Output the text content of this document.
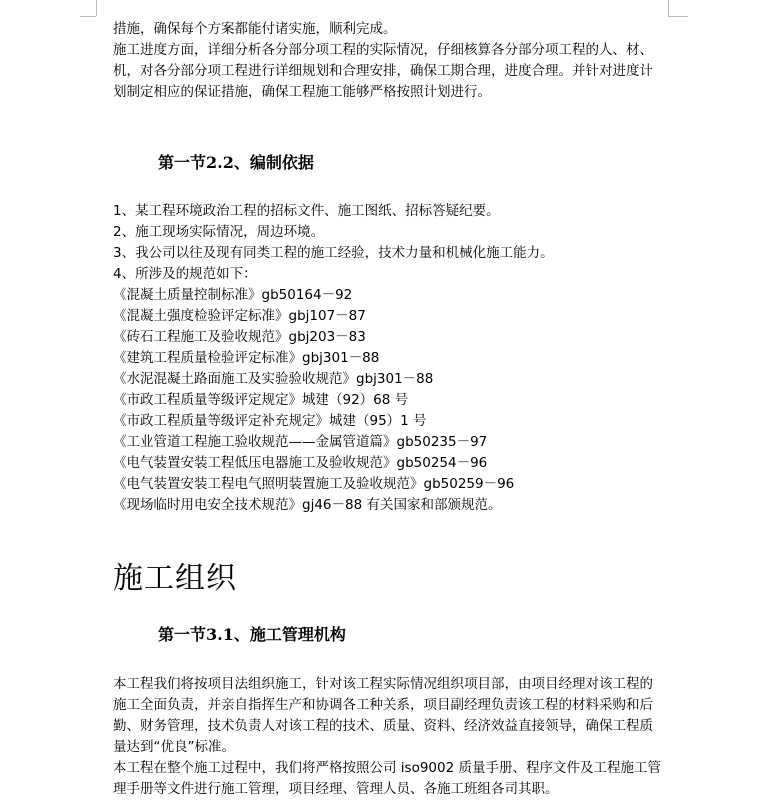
措施，确保每个方案都能付诸实施，顺利完成。
施工进度方面，详细分析各分部分项工程的实际情况，仔细核算各分部分项工程的人、材、
机，对各分部分项工程进行详细规划和合理安排，确保工期合理，进度合理。并针对进度计
划制定相应的保证措施，确保工程施工能够严格按照计划进行。
第一节2.2、编制依据
1、某工程环境政治工程的招标文件、施工图纸、招标答疑纪要。
2、施工现场实际情况，周边环境。
3、我公司以往及现有同类工程的施工经验，技术力量和机械化施工能力。
4、所涉及的规范如下：
《混凝土质量控制标准》gb50164－92
《混凝土强度检验评定标准》gbj107－87
《砖石工程施工及验收规范》gbj203－83
《建筑工程质量检验评定标准》gbj301－88
《水泥混凝土路面施工及实验验收规范》gbj301－88
《市政工程质量等级评定规定》城建（92）68 号
《市政工程质量等级评定补充规定》城建（95）1 号
《工业管道工程施工验收规范——金属管道篇》gb50235－97
《电气装置安装工程低压电器施工及验收规范》gb50254－96
《电气装置安装工程电气照明装置施工及验收规范》gb50259－96
《现场临时用电安全技术规范》gj46－88 有关国家和部颁规范。
施工组织
第一节3.1、施工管理机构
本工程我们将按项目法组织施工，针对该工程实际情况组织项目部，由项目经理对该工程的
施工全面负责，并亲自指挥生产和协调各工种关系，项目副经理负责该工程的材料采购和后
勤、财务管理，技术负责人对该工程的技术、质量、资料、经济效益直接领导，确保工程质
量达到“优良”标准。
本工程在整个施工过程中，我们将严格按照公司 iso9002 质量手册、程序文件及工程施工管
理手册等文件进行施工管理，项目经理、管理人员、各施工班组各司其职。
